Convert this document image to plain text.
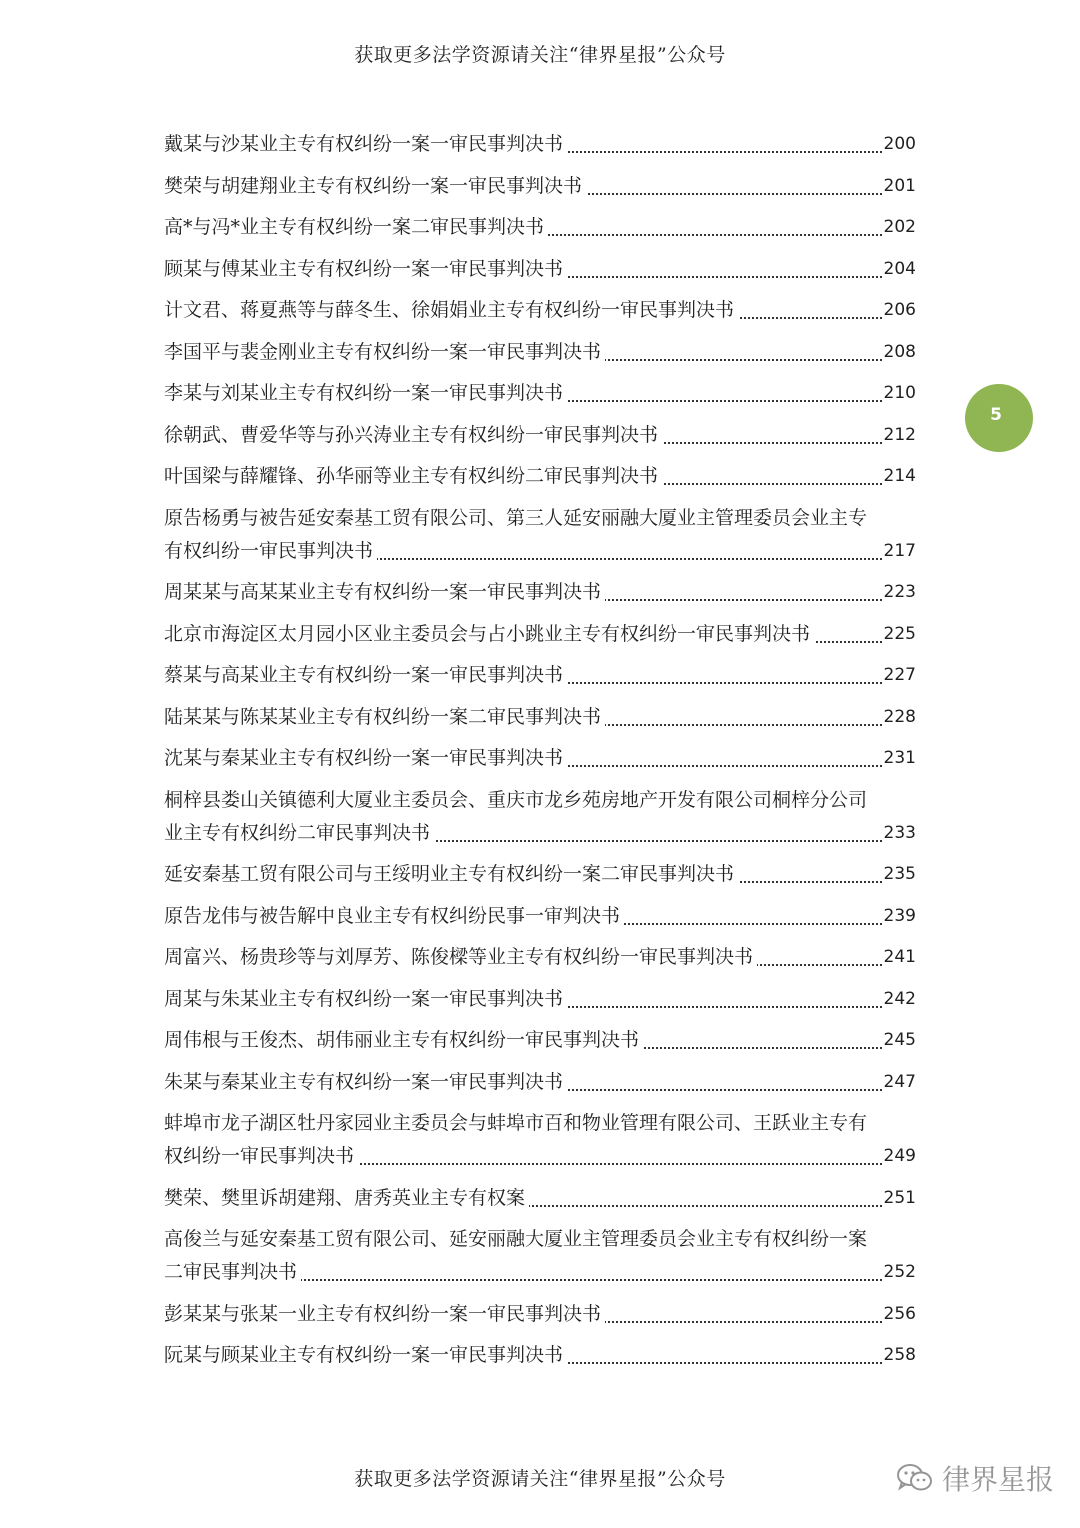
获取更多法学资源请关注“律界星报”公众号
戴某与沙某业主专有权纠纷一案一审民事判决书	200
樊荣与胡建翔业主专有权纠纷一案一审民事判决书	201
高*与冯*业主专有权纠纷一案二审民事判决书	202
顾某与傅某业主专有权纠纷一案一审民事判决书	204
计文君、蒋夏燕等与薛冬生、徐娟娟业主专有权纠纷一审民事判决书	206
李国平与裴金刚业主专有权纠纷一案一审民事判决书	208
李某与刘某业主专有权纠纷一案一审民事判决书	210
徐朝武、曹爱华等与孙兴涛业主专有权纠纷一审民事判决书	212
叶国梁与薛耀锋、孙华丽等业主专有权纠纷二审民事判决书	214
原告杨勇与被告延安秦基工贸有限公司、第三人延安丽融大厦业主管理委员会业主专
有权纠纷一审民事判决书	217
周某某与高某某业主专有权纠纷一案一审民事判决书	223
北京市海淀区太月园小区业主委员会与占小跳业主专有权纠纷一审民事判决书	225
蔡某与高某业主专有权纠纷一案一审民事判决书	227
陆某某与陈某某业主专有权纠纷一案二审民事判决书	228
沈某与秦某业主专有权纠纷一案一审民事判决书	231
桐梓县娄山关镇德利大厦业主委员会、重庆市龙乡苑房地产开发有限公司桐梓分公司
业主专有权纠纷二审民事判决书	233
延安秦基工贸有限公司与王绥明业主专有权纠纷一案二审民事判决书	235
原告龙伟与被告解中良业主专有权纠纷民事一审判决书	239
周富兴、杨贵珍等与刘厚芳、陈俊樑等业主专有权纠纷一审民事判决书	241
周某与朱某业主专有权纠纷一案一审民事判决书	242
周伟根与王俊杰、胡伟丽业主专有权纠纷一审民事判决书	245
朱某与秦某业主专有权纠纷一案一审民事判决书	247
蚌埠市龙子湖区牡丹家园业主委员会与蚌埠市百和物业管理有限公司、王跃业主专有
权纠纷一审民事判决书	249
樊荣、樊里诉胡建翔、唐秀英业主专有权案	251
高俊兰与延安秦基工贸有限公司、延安丽融大厦业主管理委员会业主专有权纠纷一案
二审民事判决书	252
彭某某与张某一业主专有权纠纷一案一审民事判决书	256
阮某与顾某业主专有权纠纷一案一审民事判决书	258
5
获取更多法学资源请关注“律界星报”公众号	律界星报
